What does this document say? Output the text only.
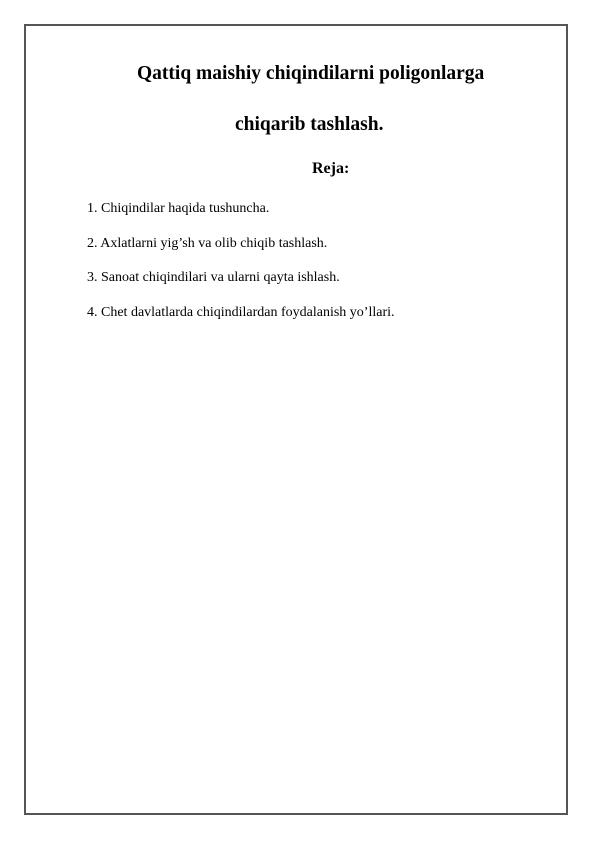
Qattiq maishiy chiqindilarni poligonlarga
chiqarib tashlash.
Reja:
1. Chiqindilar haqida tushuncha.
2. Axlatlarni yig’sh va olib chiqib tashlash.
3. Sanoat chiqindilari va ularni qayta ishlash.
4. Chet davlatlarda chiqindilardan foydalanish yo’llari.
